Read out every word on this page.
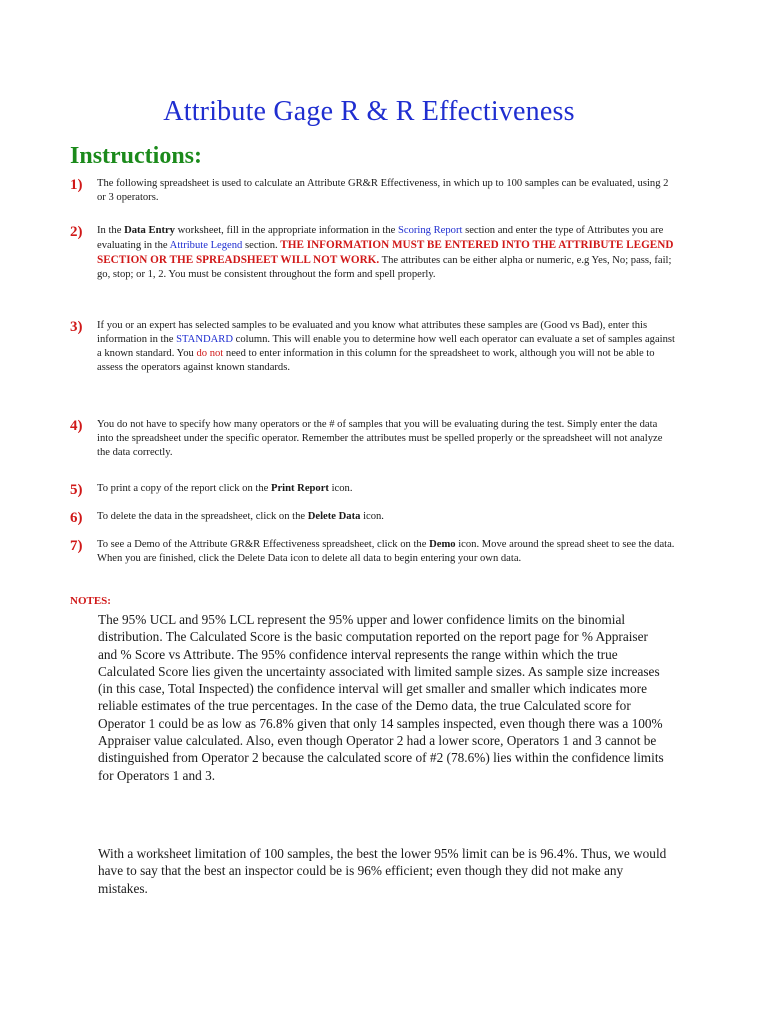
Attribute Gage R & R Effectiveness
Instructions:
1) The following spreadsheet is used to calculate an Attribute GR&R Effectiveness, in which up to 100 samples can be evaluated, using 2 or 3 operators.
2) In the Data Entry worksheet, fill in the appropriate information in the Scoring Report section and enter the type of Attributes you are evaluating in the Attribute Legend section. THE INFORMATION MUST BE ENTERED INTO THE ATTRIBUTE LEGEND SECTION OR THE SPREADSHEET WILL NOT WORK. The attributes can be either alpha or numeric, e.g Yes, No; pass, fail; go, stop; or 1, 2. You must be consistent throughout the form and spell properly.
3) If you or an expert has selected samples to be evaluated and you know what attributes these samples are (Good vs Bad), enter this information in the STANDARD column. This will enable you to determine how well each operator can evaluate a set of samples against a known standard. You do not need to enter information in this column for the spreadsheet to work, although you will not be able to assess the operators against known standards.
4) You do not have to specify how many operators or the # of samples that you will be evaluating during the test. Simply enter the data into the spreadsheet under the specific operator. Remember the attributes must be spelled properly or the spreadsheet will not analyze the data correctly.
5) To print a copy of the report click on the Print Report icon.
6) To delete the data in the spreadsheet, click on the Delete Data icon.
7) To see a Demo of the Attribute GR&R Effectiveness spreadsheet, click on the Demo icon. Move around the spread sheet to see the data. When you are finished, click the Delete Data icon to delete all data to begin entering your own data.
NOTES:
The 95% UCL and 95% LCL represent the 95% upper and lower confidence limits on the binomial distribution. The Calculated Score is the basic computation reported on the report page for % Appraiser and % Score vs Attribute. The 95% confidence interval represents the range within which the true Calculated Score lies given the uncertainty associated with limited sample sizes. As sample size increases (in this case, Total Inspected) the confidence interval will get smaller and smaller which indicates more reliable estimates of the true percentages. In the case of the Demo data, the true Calculated score for Operator 1 could be as low as 76.8% given that only 14 samples inspected, even though there was a 100% Appraiser value calculated. Also, even though Operator 2 had a lower score, Operators 1 and 3 cannot be distinguished from Operator 2 because the calculated score of #2 (78.6%) lies within the confidence limits for Operators 1 and 3.
With a worksheet limitation of 100 samples, the best the lower 95% limit can be is 96.4%. Thus, we would have to say that the best an inspector could be is 96% efficient; even though they did not make any mistakes.
